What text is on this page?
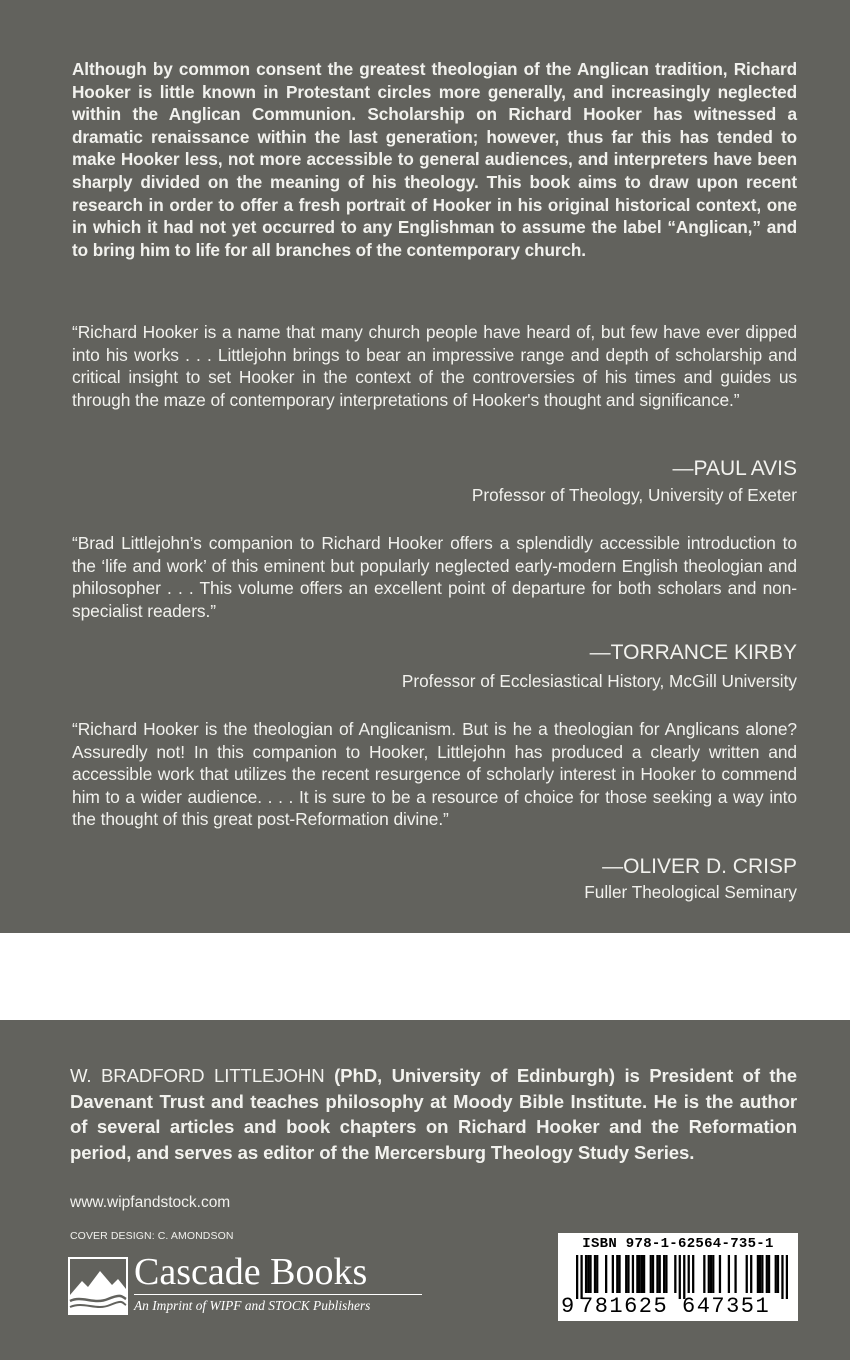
Although by common consent the greatest theologian of the Anglican tradition, Richard Hooker is little known in Protestant circles more generally, and increasingly neglected within the Anglican Communion. Scholarship on Richard Hooker has witnessed a dramatic renaissance within the last generation; however, thus far this has tended to make Hooker less, not more accessible to general audiences, and interpreters have been sharply divided on the meaning of his theology. This book aims to draw upon recent research in order to offer a fresh portrait of Hooker in his original historical context, one in which it had not yet occurred to any Englishman to assume the label “Anglican,” and to bring him to life for all branches of the contemporary church.

“Richard Hooker is a name that many church people have heard of, but few have ever dipped into his works . . . Littlejohn brings to bear an impressive range and depth of scholarship and critical insight to set Hooker in the context of the controversies of his times and guides us through the maze of contemporary interpretations of Hooker's thought and significance.”

—PAUL AVIS
Professor of Theology, University of Exeter

“Brad Littlejohn’s companion to Richard Hooker offers a splendidly accessible introduction to the ‘life and work’ of this eminent but popularly neglected early-modern English theologian and philosopher . . . This volume offers an excellent point of departure for both scholars and non-specialist readers.”

—TORRANCE KIRBY
Professor of Ecclesiastical History, McGill University

“Richard Hooker is the theologian of Anglicanism. But is he a theologian for Anglicans alone? Assuredly not! In this companion to Hooker, Littlejohn has produced a clearly written and accessible work that utilizes the recent resurgence of scholarly interest in Hooker to commend him to a wider audience. . . . It is sure to be a resource of choice for those seeking a way into the thought of this great post-Reformation divine.”

—OLIVER D. CRISP
Fuller Theological Seminary

W. BRADFORD LITTLEJOHN (PhD, University of Edinburgh) is President of the Davenant Trust and teaches philosophy at Moody Bible Institute. He is the author of several articles and book chapters on Richard Hooker and the Reformation period, and serves as editor of the Mercersburg Theology Study Series.

www.wipfandstock.com
COVER DESIGN: C. AMONDSON
Cascade Books
An Imprint of WIPF and STOCK Publishers
ISBN 978-1-62564-735-1
9 781625 647351
